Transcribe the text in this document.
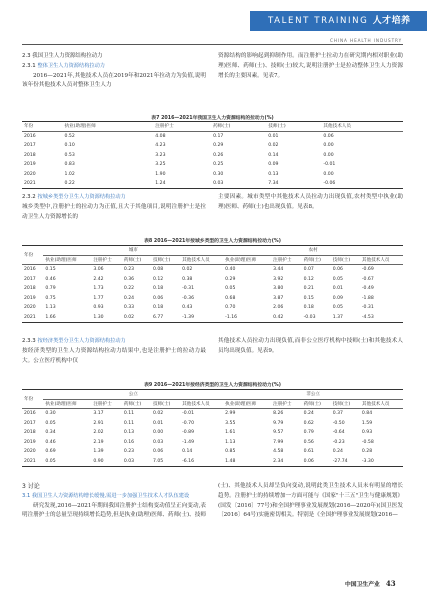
TALENT TRAINING 人才培养
CHINA HEALTH INDUSTRY

2.3 我国卫生人力资源结构拉动力

2.3.1 整体卫生人力资源结构拉动力

2016—2021年,其他技术人员在2019年和2021年拉动力为负值,说明该年份其他技术人员对整体卫生人力

资源结构的影响起到抑制作用。而注册护士拉动力在研究期内相对职业(助理)医师、药师(士)、技师(士)较大,说明注册护士是拉动整体卫生人力资源增长的主要因素。见表7。

表7 2016—2021年我国卫生人力资源结构的拉动力(%)
年份	执业(助理)医师	注册护士	药师(士)	技师(士)	其他技术人员
2016	0.52	4.08	0.17	0.01	0.06
2017	0.10	4.23	0.29	0.02	0.00
2018	0.53	3.23	0.26	0.14	0.00
2019	0.83	3.25	0.25	0.09	-0.01
2020	1.02	1.90	0.30	0.13	0.00
2021	0.22	1.24	0.03	7.34	-0.06

2.3.2 按城乡类型分卫生人力资源结构拉动力

城乡类型中,注册护士的拉动力为正值,且大于其他项目,说明注册护士是拉动卫生人力资源增长的

主要因素。城市类型中其他技术人员拉动力出现负值,农村类型中执业(助理)医师、药师(士)也出现负值。见表8。

表8 2016—2021年按城乡类型的卫生人力资源结构拉动力(%)
年份	城市					农村				
	执业(助理)医师	注册护士	药师(士)	技师(士)	其他技术人员	执业(助理)医师	注册护士	药师(士)	技师(士)	其他技术人员
2016	0.15	3.06	0.23	0.08	0.02	0.40	3.44	0.07	0.06	-0.69
2017	0.46	2.42	0.36	0.12	0.38	0.29	3.92	0.12	0.05	-0.67
2018	0.79	1.73	0.22	0.18	-0.31	0.05	3.80	0.21	0.01	-0.49
2019	0.75	1.77	0.24	0.06	-0.36	0.68	3.87	0.15	0.09	-1.88
2020	1.13	0.93	0.33	0.18	0.43	0.70	2.06	0.18	0.05	-0.31
2021	1.66	1.30	0.02	6.77	-1.39	-1.16	0.42	-0.03	1.37	-4.53

2.3.3 按经济类型分卫生人力资源结构拉动力

按经济类型的卫生人力资源结构拉动力结果中,也是注册护士的拉动力最大。公立医疗机构中仅

其他技术人员拉动力出现负值,而非公立医疗机构中技师(士)和其他技术人员均出现负值。见表9。

表9 2016—2021年按经济类型的卫生人力资源结构拉动力(%)
年份	公立					非公立				
	执业(助理)医师	注册护士	药师(士)	技师(士)	其他技术人员	执业(助理)医师	注册护士	药师(士)	技师(士)	其他技术人员
2016	0.30	3.17	0.11	0.02	-0.01	2.99	8.26	0.24	0.37	0.84
2017	0.05	2.91	0.11	0.01	-0.70	3.55	9.79	0.62	-0.50	1.59
2018	0.34	2.02	0.13	0.00	-0.89	1.61	9.57	0.79	-0.64	0.93
2019	0.46	2.19	0.16	0.03	-1.49	1.13	7.99	0.56	-0.23	-0.58
2020	0.69	1.39	0.23	0.06	0.14	0.85	4.58	0.61	0.24	0.28
2021	0.05	0.90	0.03	7.05	-6.16	1.48	2.34	0.06	-27.74	-3.30

3 讨论

3.1 我国卫生人力资源结构增长缓慢,需进一步加强卫生技术人才队伍建设

研究发现,2016—2021年期间我国注册护士结构变动值呈正向变动,表明注册护士的总量呈现持续增长趋势,但是执业(助理)医师、药师(士)、技师

(士)、其他技术人员却呈负向变动,说明此类卫生技术人员未有明显的增长趋势。注册护士的持续增加一方面可能与《国家"十三五"卫生与健康规划》(国发〔2016〕77号)和全国护理事业发展规划(2016—2020年)(国卫医发〔2016〕64号)实施密切相关。特别是《全国护理事业发展规划(2016—

中国卫生产业 43
